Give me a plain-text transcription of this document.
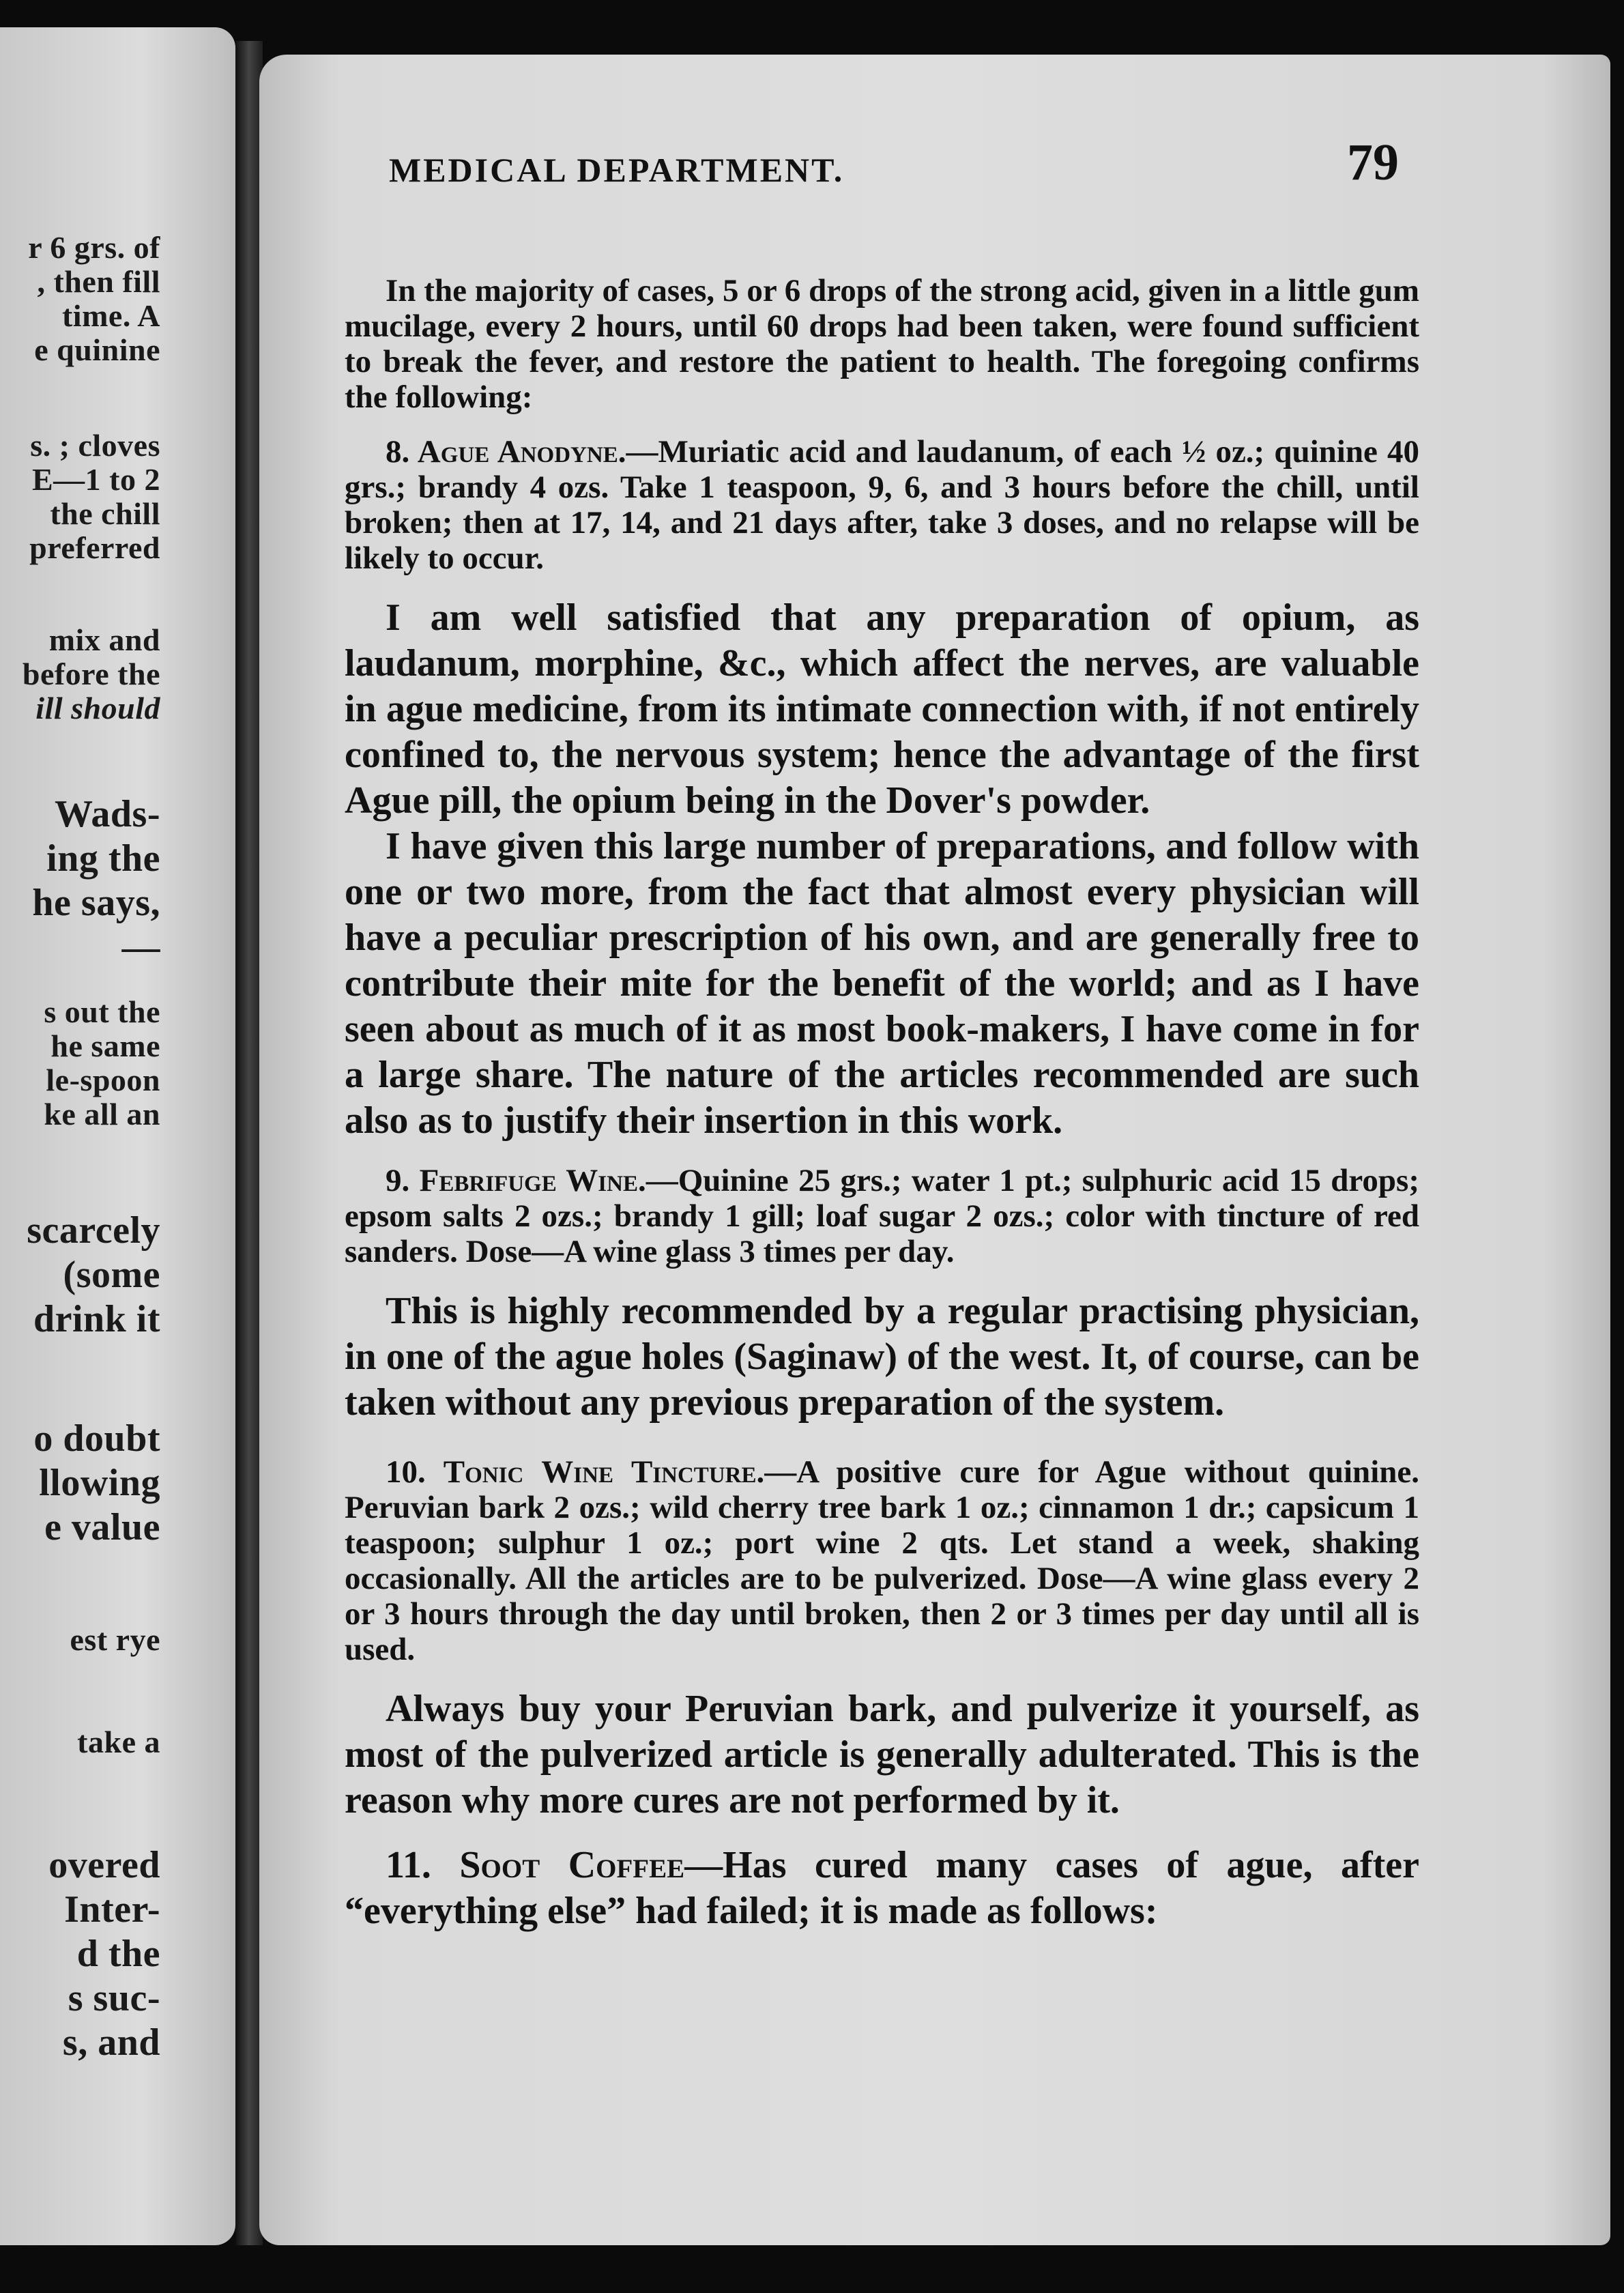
r 6 grs. of
, then fill
time. A
e quinine
s. ; cloves
E—1 to 2
the chill
preferred
mix and
before the
ill should
Wads-
ing the
he says,
—
s out the
he same
le-spoon
ke all an
scarcely
(some
drink it
o doubt
llowing
e value
est rye
take a
overed
Inter-
d the
s suc-
s, and
MEDICAL DEPARTMENT.	79

In the majority of cases, 5 or 6 drops of the strong acid, given in a little gum mucilage, every 2 hours, until 60 drops had been taken, were found sufficient to break the fever, and restore the patient to health. The foregoing confirms the following:

8. Ague Anodyne.—Muriatic acid and laudanum, of each ½ oz.; quinine 40 grs.; brandy 4 ozs. Take 1 teaspoon, 9, 6, and 3 hours before the chill, until broken; then at 17, 14, and 21 days after, take 3 doses, and no relapse will be likely to occur.

I am well satisfied that any preparation of opium, as laudanum, morphine, &c., which affect the nerves, are valuable in ague medicine, from its intimate connection with, if not entirely confined to, the nervous system; hence the advantage of the first Ague pill, the opium being in the Dover's powder.

I have given this large number of preparations, and follow with one or two more, from the fact that almost every physician will have a peculiar prescription of his own, and are generally free to contribute their mite for the benefit of the world; and as I have seen about as much of it as most book-makers, I have come in for a large share. The nature of the articles recommended are such also as to justify their insertion in this work.

9. Febrifuge Wine.—Quinine 25 grs.; water 1 pt.; sulphuric acid 15 drops; epsom salts 2 ozs.; brandy 1 gill; loaf sugar 2 ozs.; color with tincture of red sanders. Dose—A wine glass 3 times per day.

This is highly recommended by a regular practising physician, in one of the ague holes (Saginaw) of the west. It, of course, can be taken without any previous preparation of the system.

10. Tonic Wine Tincture.—A positive cure for Ague without quinine. Peruvian bark 2 ozs.; wild cherry tree bark 1 oz.; cinnamon 1 dr.; capsicum 1 teaspoon; sulphur 1 oz.; port wine 2 qts. Let stand a week, shaking occasionally. All the articles are to be pulverized. Dose—A wine glass every 2 or 3 hours through the day until broken, then 2 or 3 times per day until all is used.

Always buy your Peruvian bark, and pulverize it yourself, as most of the pulverized article is generally adulterated. This is the reason why more cures are not performed by it.

11. Soot Coffee—Has cured many cases of ague, after “everything else” had failed; it is made as follows:
